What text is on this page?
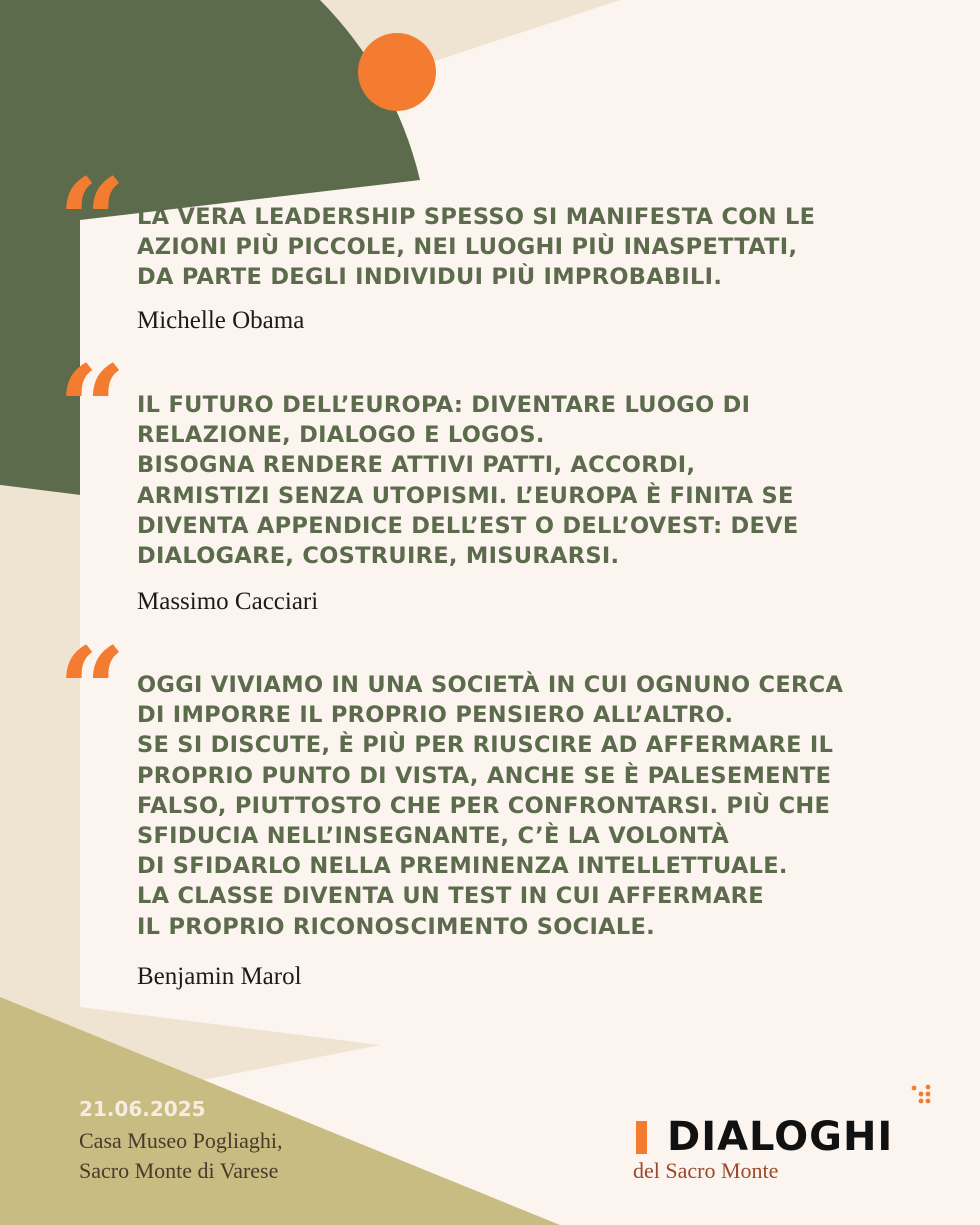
“ LA VERA LEADERSHIP SPESSO SI MANIFESTA CON LE
AZIONI PIÙ PICCOLE, NEI LUOGHI PIÙ INASPETTATI,
DA PARTE DEGLI INDIVIDUI PIÙ IMPROBABILI.

Michelle Obama
“ IL FUTURO DELL’EUROPA: DIVENTARE LUOGO DI
RELAZIONE, DIALOGO E LOGOS.
BISOGNA RENDERE ATTIVI PATTI, ACCORDI,
ARMISTIZI SENZA UTOPISMI. L’EUROPA È FINITA SE
DIVENTA APPENDICE DELL’EST O DELL’OVEST: DEVE
DIALOGARE, COSTRUIRE, MISURARSI.

Massimo Cacciari
“ OGGI VIVIAMO IN UNA SOCIETÀ IN CUI OGNUNO CERCA
DI IMPORRE IL PROPRIO PENSIERO ALL’ALTRO.
SE SI DISCUTE, È PIÙ PER RIUSCIRE AD AFFERMARE IL
PROPRIO PUNTO DI VISTA, ANCHE SE È PALESEMENTE
FALSO, PIUTTOSTO CHE PER CONFRONTARSI. PIÙ CHE
SFIDUCIA NELL’INSEGNANTE, C’È LA VOLONTÀ
DI SFIDARLO NELLA PREMINENZA INTELLETTUALE.
LA CLASSE DIVENTA UN TEST IN CUI AFFERMARE
IL PROPRIO RICONOSCIMENTO SOCIALE.

Benjamin Marol
21.06.2025
Casa Museo Pogliaghi,
Sacro Monte di Varese
DIALOGHI
del Sacro Monte
